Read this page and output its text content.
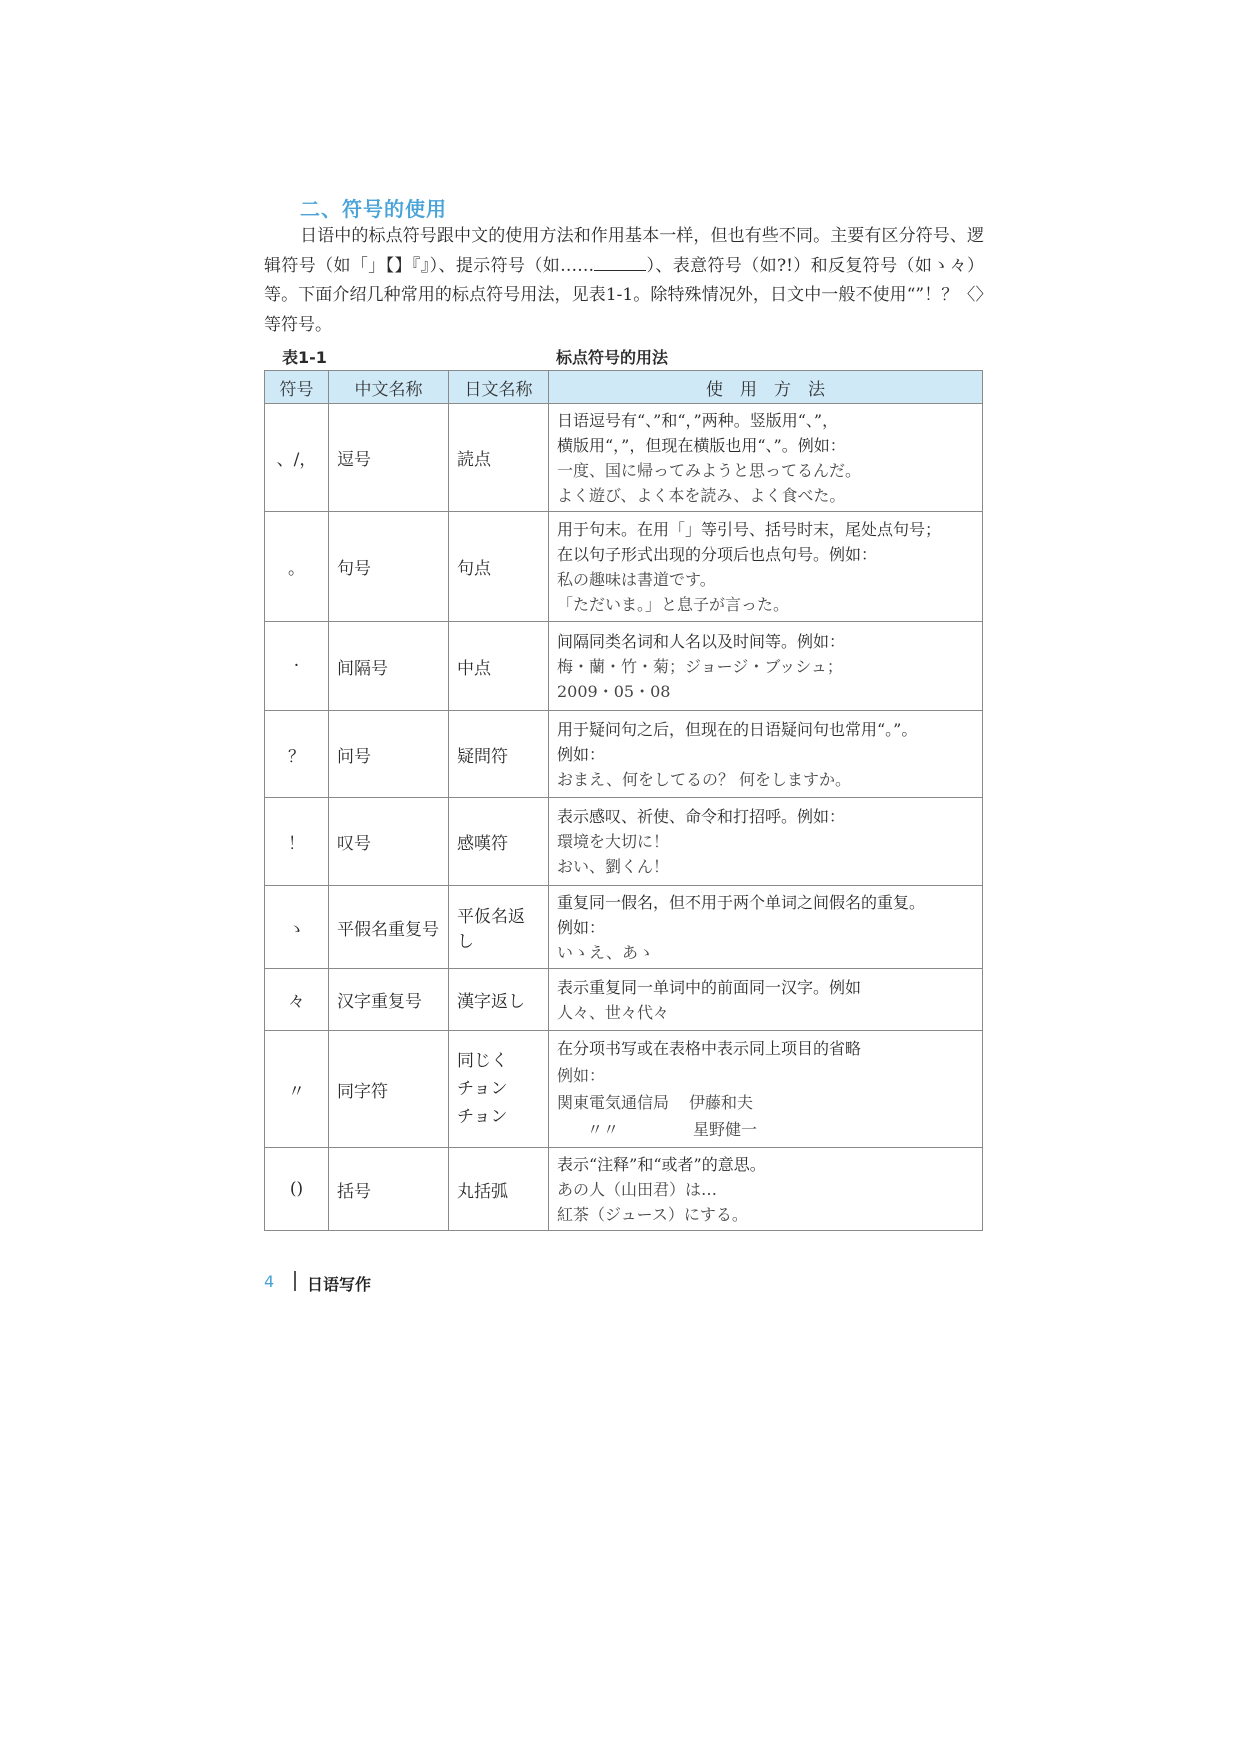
二、符号的使用
日语中的标点符号跟中文的使用方法和作用基本一样，但也有些不同。主要有区分符号、逻辑符号（如「」【】『』）、提示符号（如……	）、表意符号（如?!）和反复符号（如ゝ々）等。下面介绍几种常用的标点符号用法，见表1-1。除特殊情况外，日文中一般不使用“”！？〈〉等符号。
表1-1	标点符号的用法
符号	中文名称	日文名称	使　用　方　法
、/，	逗号	読点	日语逗号有“、”和“，”两种。竖版用“、”，
横版用“，”，但现在横版也用“、”。例如：
一度、国に帰ってみようと思ってるんだ。
よく遊び、よく本を読み、よく食べた。

。	句号	句点	用于句末。在用「」等引号、括号时末，尾处点句号；
在以句子形式出现的分项后也点句号。例如：
私の趣味は書道です。
「ただいま。」と息子が言った。

·	间隔号	中点	间隔同类名词和人名以及时间等。例如：
梅・蘭・竹・菊；ジョージ・ブッシュ；
2009・05・08

？	问号	疑問符	用于疑问句之后，但现在的日语疑问句也常用“。”。
例如：
おまえ、何をしてるの？ 何をしますか。

！	叹号	感嘆符	表示感叹、祈使、命令和打招呼。例如：
環境を大切に！
おい、劉くん！

ゝ	平假名重复号	平仮名返し	重复同一假名，但不用于两个单词之间假名的重复。
例如：
いゝえ、あゝ

々	汉字重复号	漢字返し	表示重复同一单词中的前面同一汉字。例如
人々、世々代々

〃	同字符	同じく
チョン
チョン	在分项书写或在表格中表示同上项目的省略
例如：
関東電気通信局 伊藤和夫
〃〃 星野健一

()	括号	丸括弧	表示“注释”和“或者”的意思。
あの人（山田君）は…
紅茶（ジュース）にする。
4 日语写作
